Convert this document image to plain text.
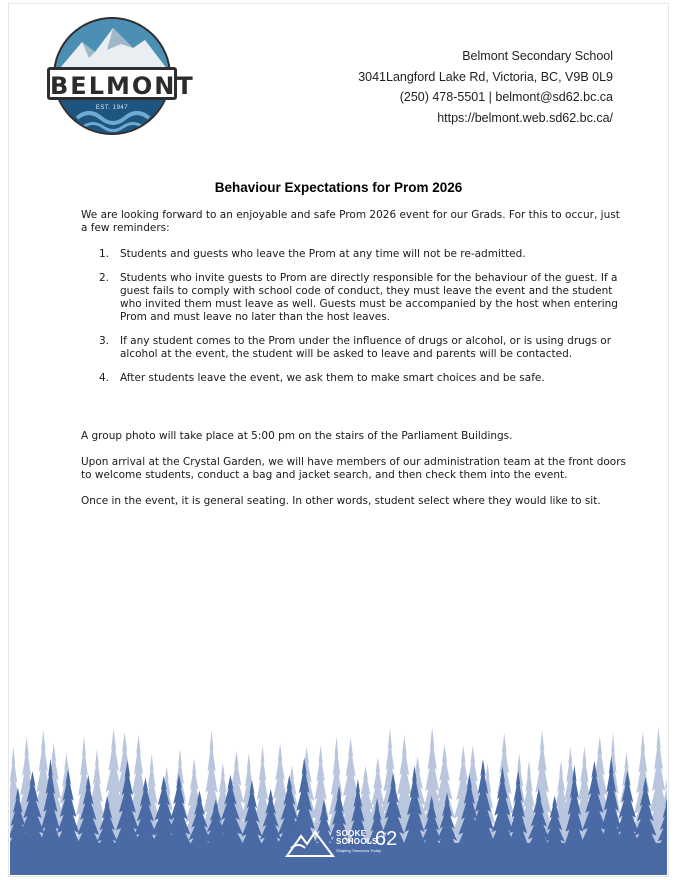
BELMONT
EST. 1947
Belmont Secondary School
3041Langford Lake Rd, Victoria, BC, V9B 0L9
(250) 478-5501 | belmont@sd62.bc.ca
https://belmont.web.sd62.bc.ca/
Behaviour Expectations for Prom 2026

We are looking forward to an enjoyable and safe Prom 2026 event for our Grads. For this to occur, just a few reminders:

1. Students and guests who leave the Prom at any time will not be re-admitted.
2. Students who invite guests to Prom are directly responsible for the behaviour of the guest. If a guest fails to comply with school code of conduct, they must leave the event and the student who invited them must leave as well. Guests must be accompanied by the host when entering Prom and must leave no later than the host leaves.
3. If any student comes to the Prom under the influence of drugs or alcohol, or is using drugs or alcohol at the event, the student will be asked to leave and parents will be contacted.
4. After students leave the event, we ask them to make smart choices and be safe.

A group photo will take place at 5:00 pm on the stairs of the Parliament Buildings.

Upon arrival at the Crystal Garden, we will have members of our administration team at the front doors to welcome students, conduct a bag and jacket search, and then check them into the event.

Once in the event, it is general seating. In other words, student select where they would like to sit.

SOOKE
SCHOOLS
62
Shaping Tomorrow Today
